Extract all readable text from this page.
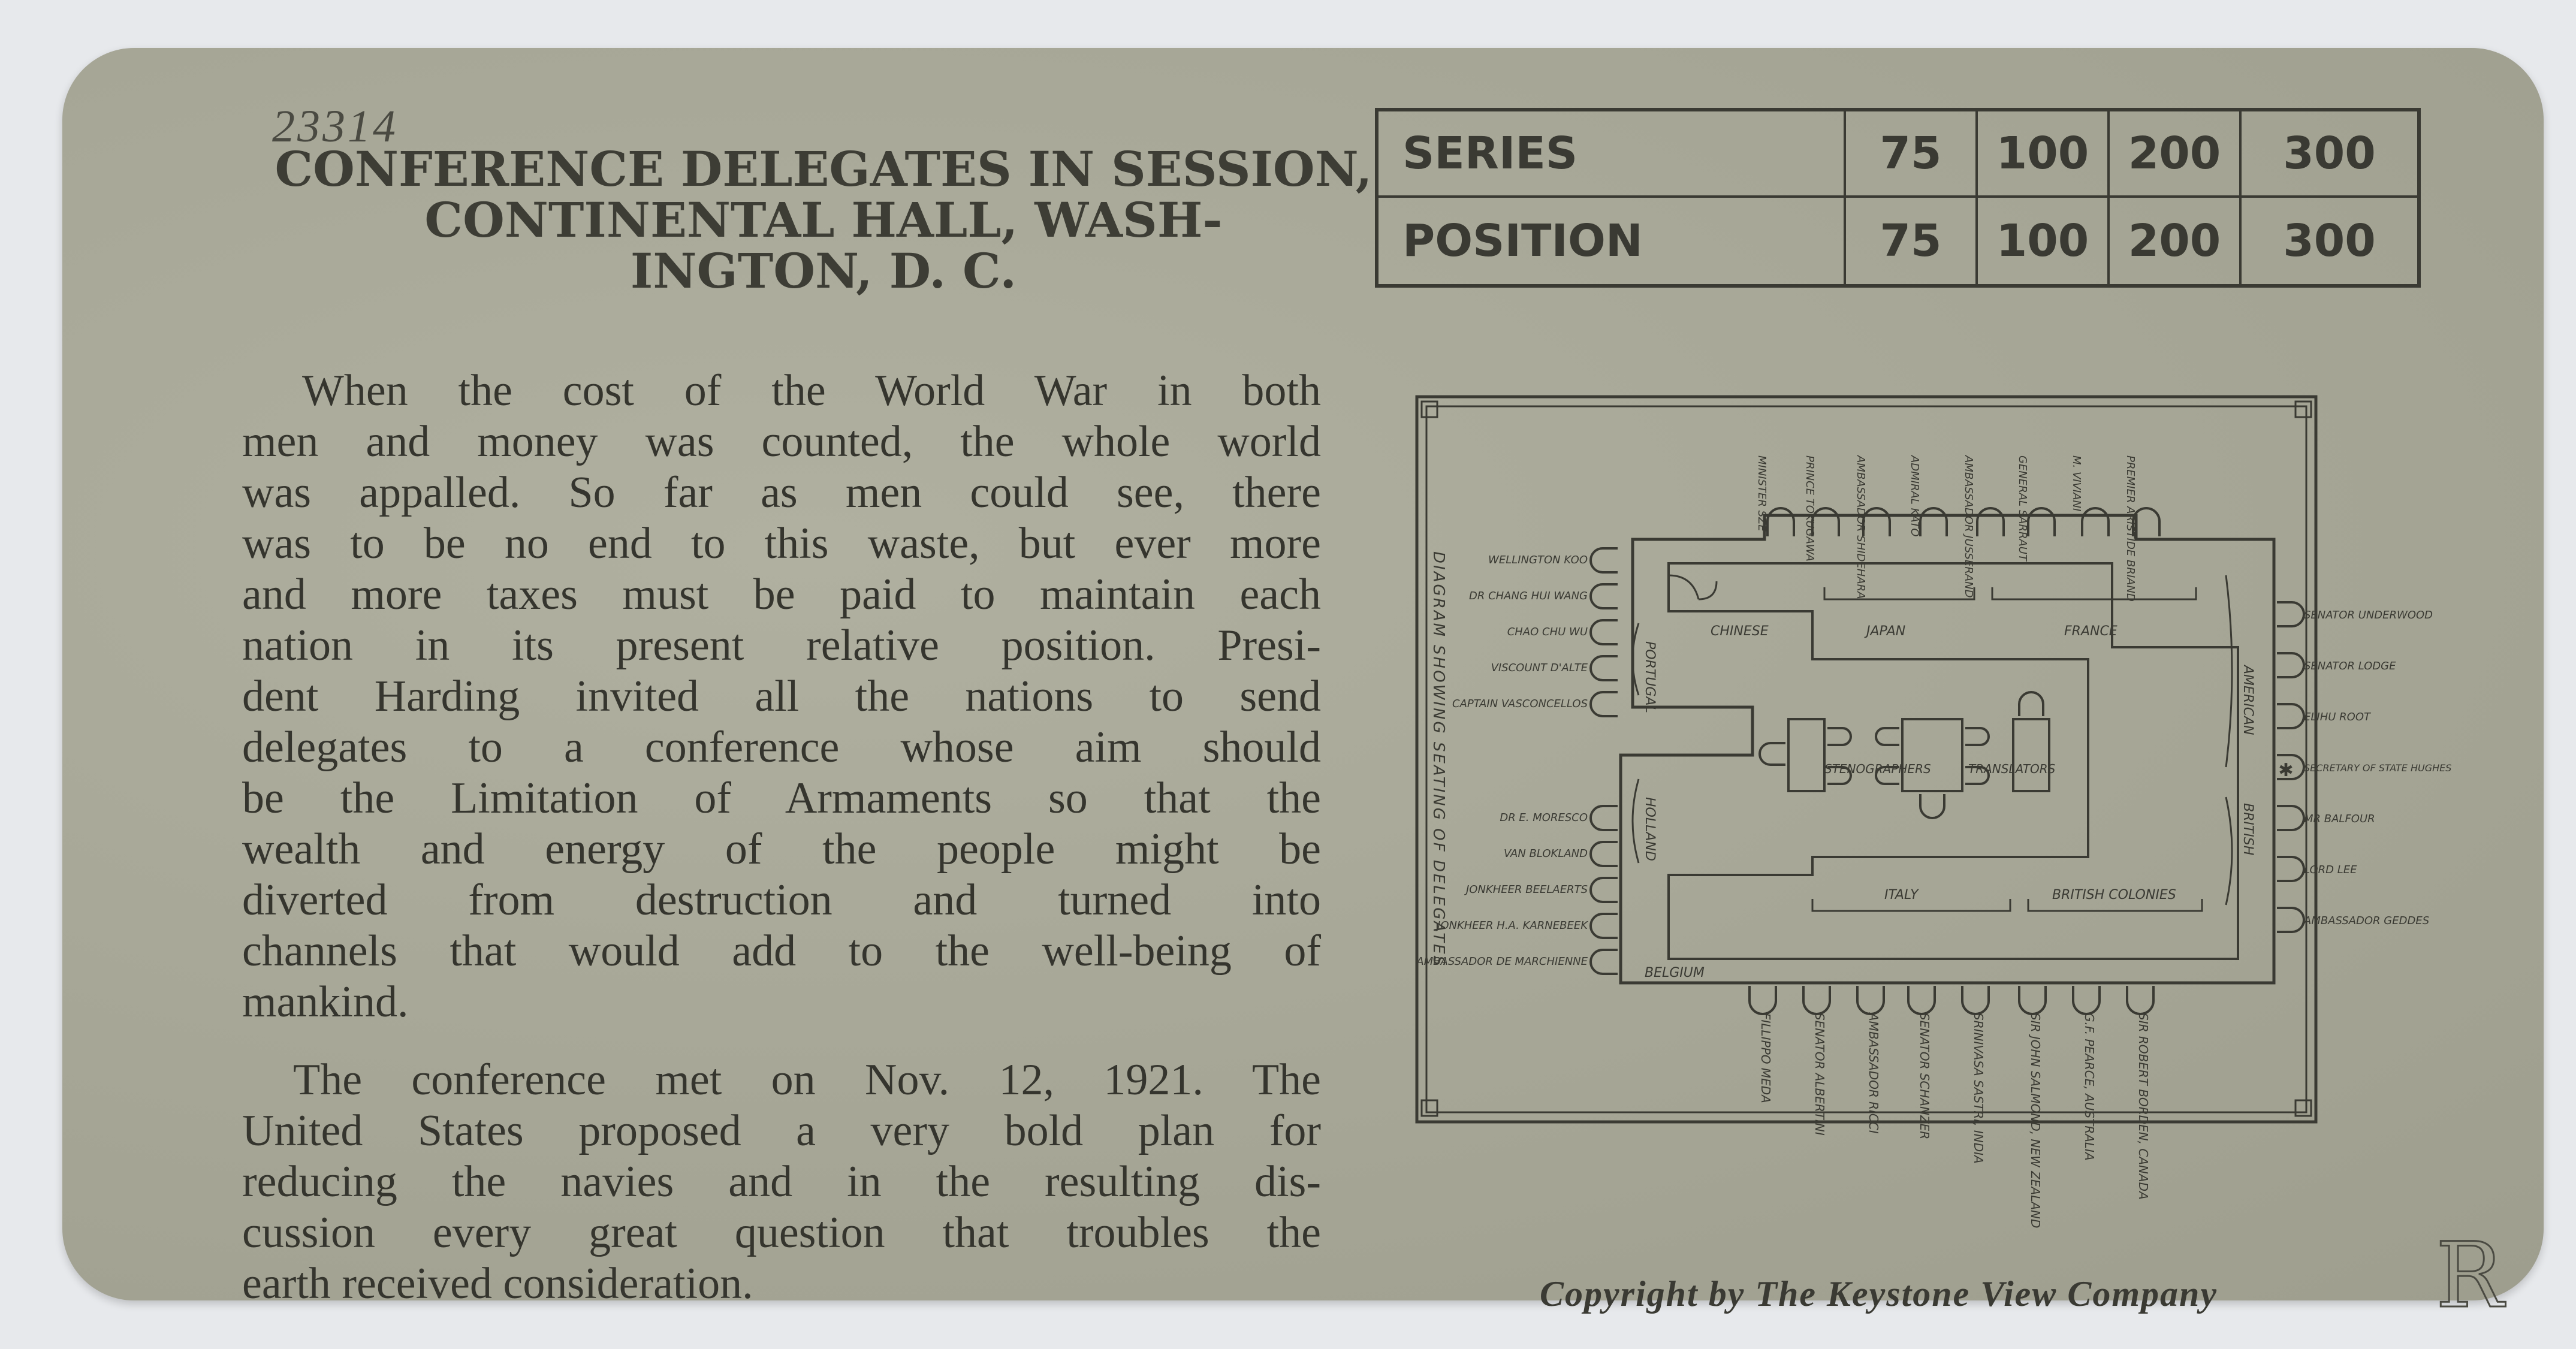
23314
CONFERENCE DELEGATES IN SESSION,
CONTINENTAL HALL, WASH-
INGTON, D. C.

When the cost of the World War in both
men and money was counted, the whole world
was appalled. So far as men could see, there
was to be no end to this waste, but ever more
and more taxes must be paid to maintain each
nation in its present relative position. Presi-
dent Harding invited all the nations to send
delegates to a conference whose aim should
be the Limitation of Armaments so that the
wealth and energy of the people might be
diverted from destruction and turned into
channels that would add to the well-being of
mankind.

The conference met on Nov. 12, 1921. The
United States proposed a very bold plan for
reducing the navies and in the resulting dis-
cussion every great question that troubles the
earth received consideration.

SERIES	75	100 200	300
POSITION	75	100 200	300
MINISTER SZE	PRINCE TOKUGAWA	AMBASSADOR SHIDEHARA	ADMIRAL KATO	AMBASSADOR JUSSERAND	GENERAL SARRAUT	M. VIVIANI	PREMIER ARISTIDE BRIAND
FILLIPPO MEDA	SENATOR ALBERTINI	AMBASSADOR RICCI	SENATOR SCHANZER	SRINIVASA SASTRI, INDIA	SIR JOHN SALMOND, NEW ZEALAND	G.F. PEARCE, AUSTRALIA	SIR ROBERT BORDEN, CANADA
WELLINGTON KOO
DR CHANG HUI WANG
CHAO CHU WU
VISCOUNT D'ALTE
CAPTAIN VASCONCELLOS
DR E. MORESCO
VAN BLOKLAND
JONKHEER BEELAERTS
JONKHEER H.A. KARNEBEEK
AMBASSADOR DE MARCHIENNE
SENATOR UNDERWOOD
SENATOR LODGE
ELIHU ROOT
SECRETARY OF STATE HUGHES
MR BALFOUR
LORD LEE
AMBASSADOR GEDDES
✱
CHINESE	JAPAN	FRANCE
PORTUGAL	AMERICAN
HOLLAND
ITALY	BRITISH COLONIES
BRITISH
BELGIUM
STENOGRAPHERS	TRANSLATORS
DIAGRAM SHOWING SEATING OF DELEGATES
Copyright by The Keystone View Company R
